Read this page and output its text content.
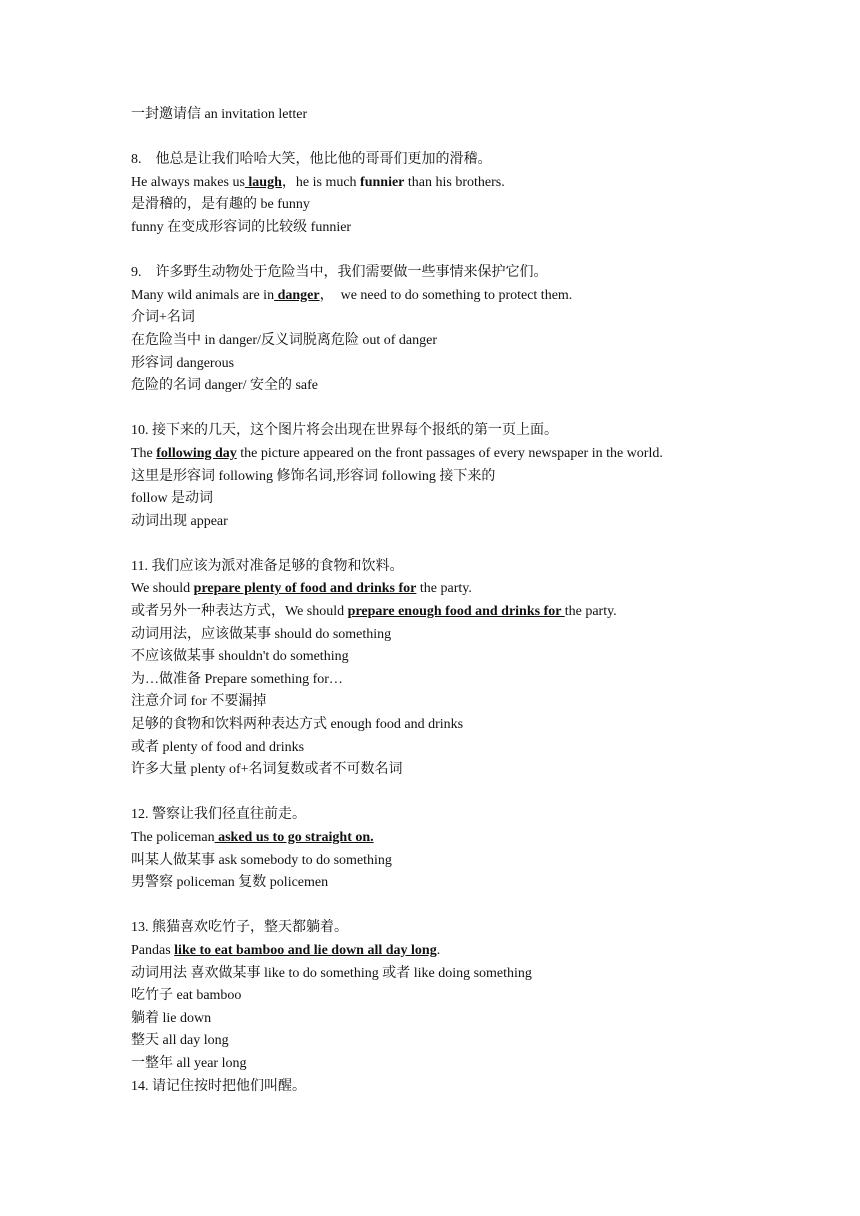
一封邀请信 an invitation letter
8.　他总是让我们哈哈大笑，他比他的哥哥们更加的滑稽。
He always makes us laugh，he is much funnier than his brothers.
是滑稽的，是有趣的 be funny
funny 在变成形容词的比较级 funnier
9.　许多野生动物处于危险当中，我们需要做一些事情来保护它们。
Many wild animals are in danger，　we need to do something to protect them.
介词+名词
在危险当中 in danger/反义词脱离危险 out of danger
形容词 dangerous
危险的名词 danger/ 安全的 safe
10. 接下来的几天，这个图片将会出现在世界每个报纸的第一页上面。
The following day the picture appeared on the front passages of every newspaper in the world.
这里是形容词 following 修饰名词,形容词 following 接下来的
follow 是动词
动词出现 appear
11. 我们应该为派对准备足够的食物和饮料。
We should prepare plenty of food and drinks for the party.
或者另外一种表达方式，We should prepare enough food and drinks for the party.
动词用法，应该做某事 should do something
不应该做某事 shouldn't do something
为…做准备 Prepare something for…
注意介词 for 不要漏掉
足够的食物和饮料两种表达方式 enough food and drinks
或者 plenty of food and drinks
许多大量 plenty of+名词复数或者不可数名词
12. 警察让我们径直往前走。
The policeman asked us to go straight on.
叫某人做某事 ask somebody to do something
男警察 policeman 复数 policemen
13. 熊猫喜欢吃竹子，整天都躺着。
Pandas like to eat bamboo and lie down all day long.
动词用法 喜欢做某事 like to do something 或者 like doing something
吃竹子 eat bamboo
躺着 lie down
整天 all day long
一整年 all year long
14. 请记住按时把他们叫醒。
